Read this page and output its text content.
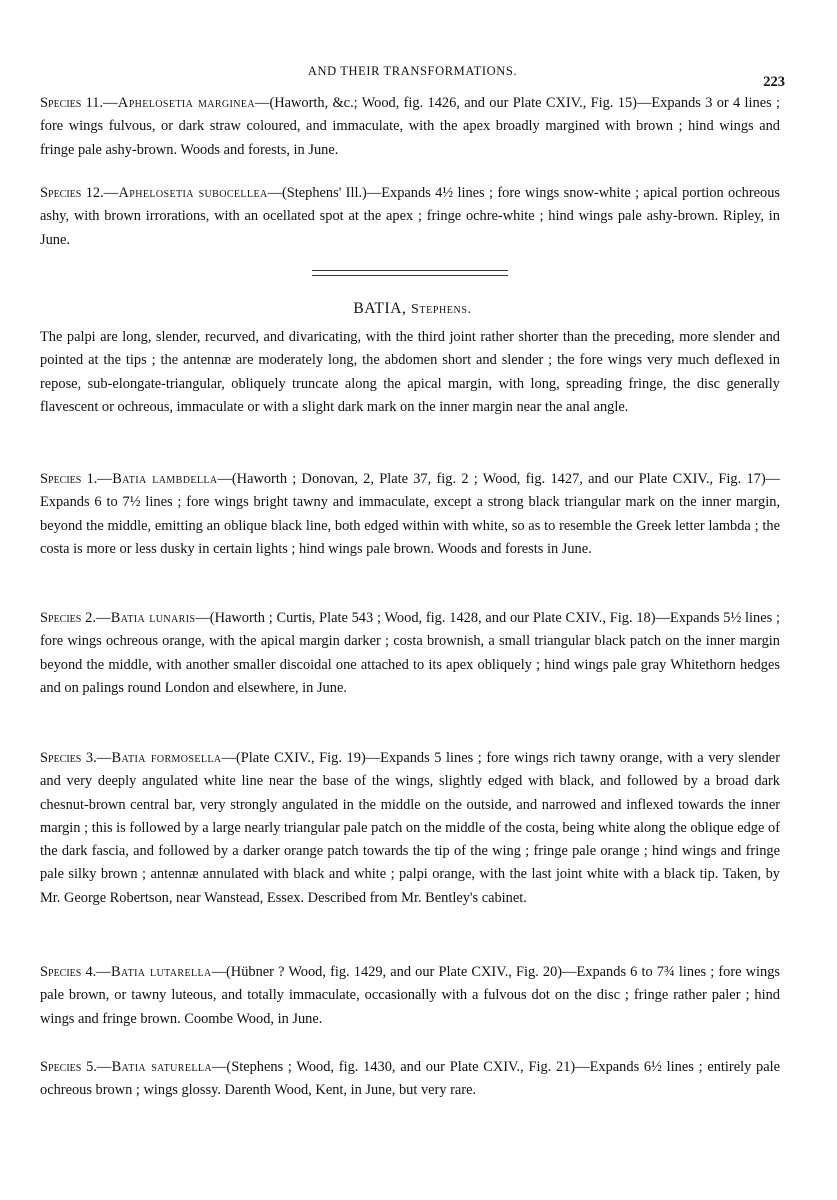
AND THEIR TRANSFORMATIONS.
223

Species 11.—Aphelosetia marginea—(Haworth, &c.; Wood, fig. 1426, and our Plate CXIV., Fig. 15)—Expands 3 or 4 lines ; fore wings fulvous, or dark straw coloured, and immaculate, with the apex broadly margined with brown ; hind wings and fringe pale ashy-brown. Woods and forests, in June.

Species 12.—Aphelosetia subocellea—(Stephens' Ill.)—Expands 4½ lines ; fore wings snow-white ; apical portion ochreous ashy, with brown irrorations, with an ocellated spot at the apex ; fringe ochre-white ; hind wings pale ashy-brown. Ripley, in June.

BATIA, Stephens.

The palpi are long, slender, recurved, and divaricating, with the third joint rather shorter than the preceding, more slender and pointed at the tips ; the antennæ are moderately long, the abdomen short and slender ; the fore wings very much deflexed in repose, sub-elongate-triangular, obliquely truncate along the apical margin, with long, spreading fringe, the disc generally flavescent or ochreous, immaculate or with a slight dark mark on the inner margin near the anal angle.

Species 1.—Batia lambdella—(Haworth ; Donovan, 2, Plate 37, fig. 2 ; Wood, fig. 1427, and our Plate CXIV., Fig. 17)—Expands 6 to 7½ lines ; fore wings bright tawny and immaculate, except a strong black triangular mark on the inner margin, beyond the middle, emitting an oblique black line, both edged within with white, so as to resemble the Greek letter lambda ; the costa is more or less dusky in certain lights ; hind wings pale brown. Woods and forests in June.

Species 2.—Batia lunaris—(Haworth ; Curtis, Plate 543 ; Wood, fig. 1428, and our Plate CXIV., Fig. 18)—Expands 5½ lines ; fore wings ochreous orange, with the apical margin darker ; costa brownish, a small triangular black patch on the inner margin beyond the middle, with another smaller discoidal one attached to its apex obliquely ; hind wings pale gray Whitethorn hedges and on palings round London and elsewhere, in June.

Species 3.—Batia formosella—(Plate CXIV., Fig. 19)—Expands 5 lines ; fore wings rich tawny orange, with a very slender and very deeply angulated white line near the base of the wings, slightly edged with black, and followed by a broad dark chesnut-brown central bar, very strongly angulated in the middle on the outside, and narrowed and inflexed towards the inner margin ; this is followed by a large nearly triangular pale patch on the middle of the costa, being white along the oblique edge of the dark fascia, and followed by a darker orange patch towards the tip of the wing ; fringe pale orange ; hind wings and fringe pale silky brown ; antennæ annulated with black and white ; palpi orange, with the last joint white with a black tip. Taken, by Mr. George Robertson, near Wanstead, Essex. Described from Mr. Bentley's cabinet.

Species 4.—Batia lutarella—(Hübner ? Wood, fig. 1429, and our Plate CXIV., Fig. 20)—Expands 6 to 7¾ lines ; fore wings pale brown, or tawny luteous, and totally immaculate, occasionally with a fulvous dot on the disc ; fringe rather paler ; hind wings and fringe brown. Coombe Wood, in June.

Species 5.—Batia saturella—(Stephens ; Wood, fig. 1430, and our Plate CXIV., Fig. 21)—Expands 6½ lines ; entirely pale ochreous brown ; wings glossy. Darenth Wood, Kent, in June, but very rare.
